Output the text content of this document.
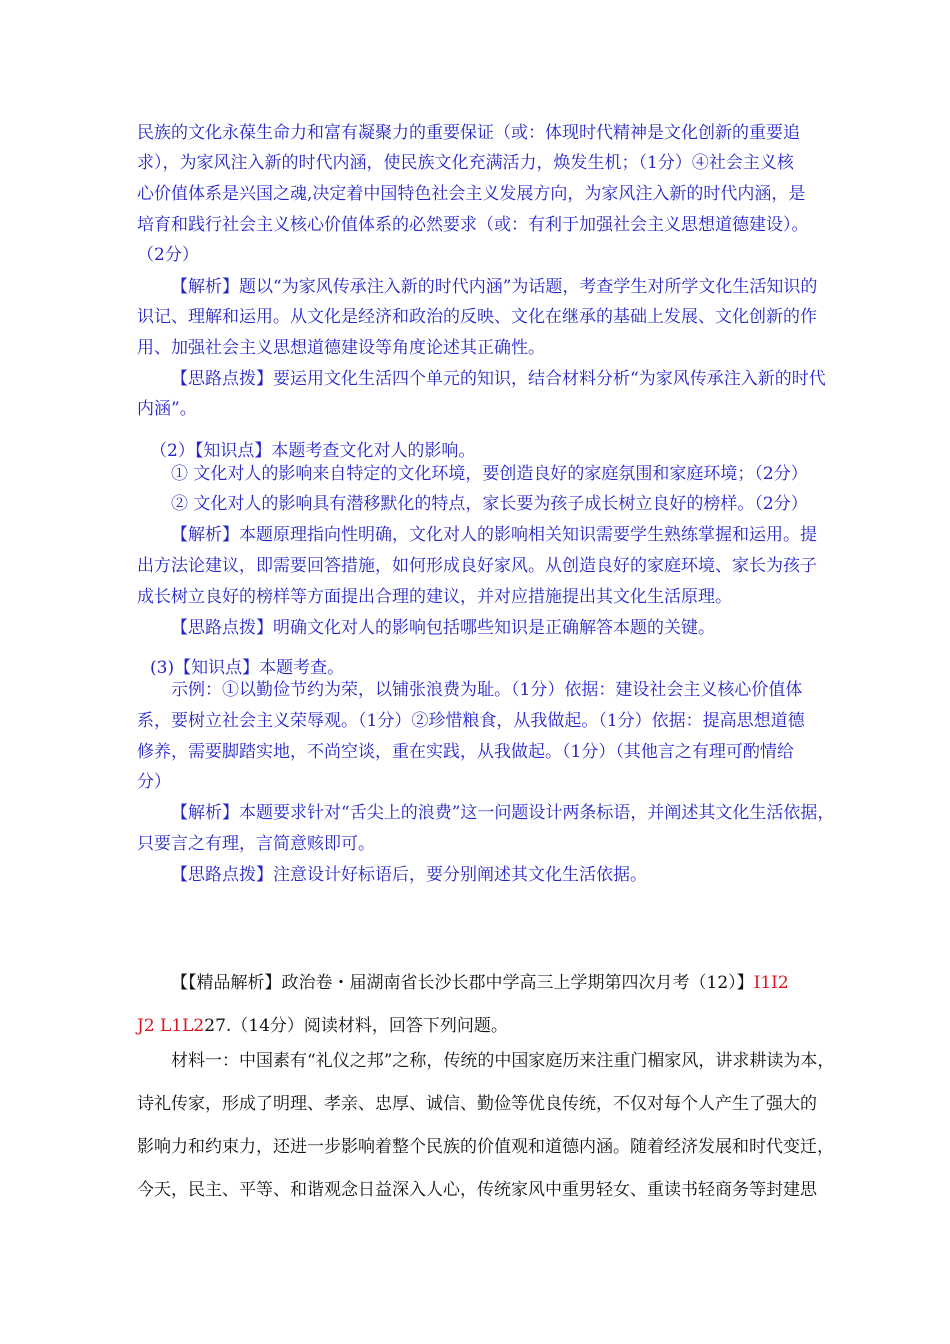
民族的文化永葆生命力和富有凝聚力的重要保证（或：体现时代精神是文化创新的重要追
求），为家风注入新的时代内涵，使民族文化充满活力，焕发生机；（1分）④社会主义核
心价值体系是兴国之魂,决定着中国特色社会主义发展方向，为家风注入新的时代内涵，是
培育和践行社会主义核心价值体系的必然要求（或：有利于加强社会主义思想道德建设）。
（2分）
【解析】题以“为家风传承注入新的时代内涵”为话题，考查学生对所学文化生活知识的
识记、理解和运用。从文化是经济和政治的反映、文化在继承的基础上发展、文化创新的作
用、加强社会主义思想道德建设等角度论述其正确性。
【思路点拨】要运用文化生活四个单元的知识，结合材料分析“为家风传承注入新的时代
内涵”。
（2）【知识点】本题考查文化对人的影响。
① 文化对人的影响来自特定的文化环境，要创造良好的家庭氛围和家庭环境；（2分）
② 文化对人的影响具有潜移默化的特点，家长要为孩子成长树立良好的榜样。（2分）
【解析】本题原理指向性明确，文化对人的影响相关知识需要学生熟练掌握和运用。提
出方法论建议，即需要回答措施，如何形成良好家风。从创造良好的家庭环境、家长为孩子
成长树立良好的榜样等方面提出合理的建议，并对应措施提出其文化生活原理。
【思路点拨】明确文化对人的影响包括哪些知识是正确解答本题的关键。
(3)【知识点】本题考查。
示例：①以勤俭节约为荣，以铺张浪费为耻。（1分）依据：建设社会主义核心价值体
系，要树立社会主义荣辱观。（1分）②珍惜粮食，从我做起。（1分）依据：提高思想道德
修养，需要脚踏实地，不尚空谈，重在实践，从我做起。（1分）（其他言之有理可酌情给
分）
【解析】本题要求针对“舌尖上的浪费”这一问题设计两条标语，并阐述其文化生活依据，
只要言之有理，言简意赅即可。
【思路点拨】注意设计好标语后，要分别阐述其文化生活依据。
【【精品解析】政治卷・届湖南省长沙长郡中学高三上学期第四次月考（12）】I1I2
J2 L1L227.（14分）阅读材料，回答下列问题。
材料一：中国素有“礼仪之邦”之称，传统的中国家庭历来注重门楣家风，讲求耕读为本，
诗礼传家，形成了明理、孝亲、忠厚、诚信、勤俭等优良传统，不仅对每个人产生了强大的
影响力和约束力，还进一步影响着整个民族的价值观和道德内涵。随着经济发展和时代变迁，
今天，民主、平等、和谐观念日益深入人心，传统家风中重男轻女、重读书轻商务等封建思
